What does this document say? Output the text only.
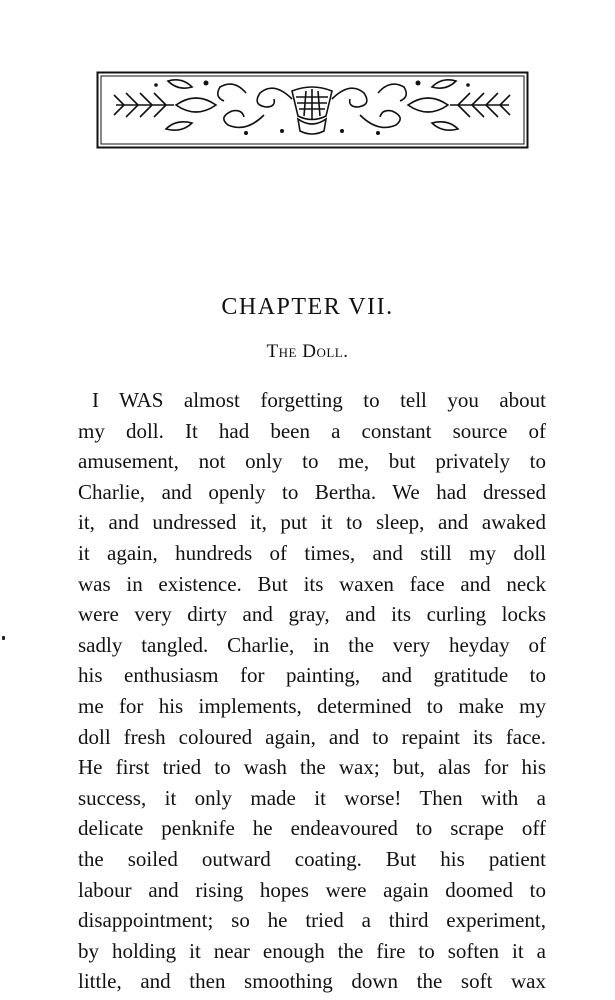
CHAPTER VII.
The Doll.
I WAS almost forgetting to tell you about
my doll. It had been a constant source of
amusement, not only to me, but privately to
Charlie, and openly to Bertha. We had dressed
it, and undressed it, put it to sleep, and awaked
it again, hundreds of times, and still my doll
was in existence. But its waxen face and neck
were very dirty and gray, and its curling locks
sadly tangled. Charlie, in the very heyday of
his enthusiasm for painting, and gratitude to
me for his implements, determined to make my
doll fresh coloured again, and to repaint its face.
He first tried to wash the wax; but, alas for his
success, it only made it worse! Then with a
delicate penknife he endeavoured to scrape off
the soiled outward coating. But his patient
labour and rising hopes were again doomed to
disappointment; so he tried a third experiment,
by holding it near enough the fire to soften it a
little, and then smoothing down the soft wax
